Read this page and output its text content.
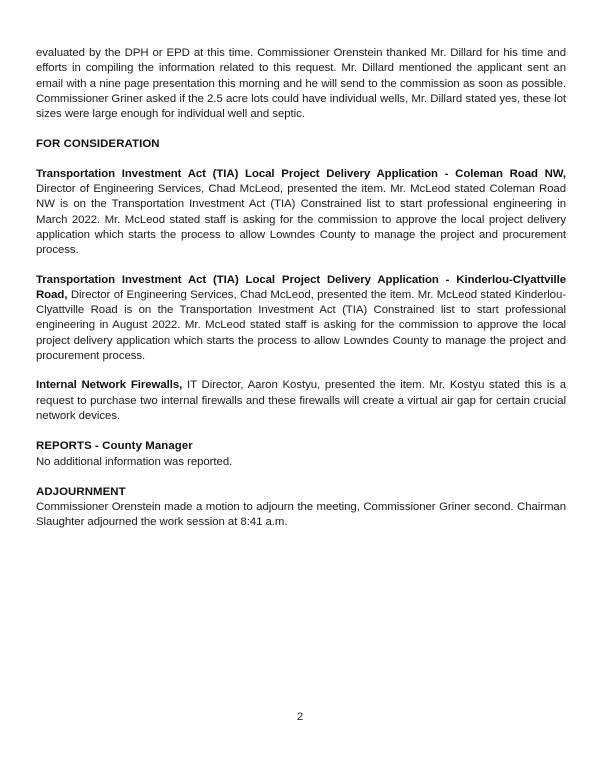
evaluated by the DPH or EPD at this time. Commissioner Orenstein thanked Mr. Dillard for his time and efforts in compiling the information related to this request. Mr. Dillard mentioned the applicant sent an email with a nine page presentation this morning and he will send to the commission as soon as possible. Commissioner Griner asked if the 2.5 acre lots could have individual wells, Mr. Dillard stated yes, these lot sizes were large enough for individual well and septic.

FOR CONSIDERATION

Transportation Investment Act (TIA) Local Project Delivery Application - Coleman Road NW, Director of Engineering Services, Chad McLeod, presented the item. Mr. McLeod stated Coleman Road NW is on the Transportation Investment Act (TIA) Constrained list to start professional engineering in March 2022. Mr. McLeod stated staff is asking for the commission to approve the local project delivery application which starts the process to allow Lowndes County to manage the project and procurement process.

Transportation Investment Act (TIA) Local Project Delivery Application - Kinderlou-Clyattville Road, Director of Engineering Services, Chad McLeod, presented the item. Mr. McLeod stated Kinderlou-Clyattville Road is on the Transportation Investment Act (TIA) Constrained list to start professional engineering in August 2022. Mr. McLeod stated staff is asking for the commission to approve the local project delivery application which starts the process to allow Lowndes County to manage the project and procurement process.

Internal Network Firewalls, IT Director, Aaron Kostyu, presented the item. Mr. Kostyu stated this is a request to purchase two internal firewalls and these firewalls will create a virtual air gap for certain crucial network devices.

REPORTS - County Manager

No additional information was reported.

ADJOURNMENT

Commissioner Orenstein made a motion to adjourn the meeting, Commissioner Griner second. Chairman Slaughter adjourned the work session at 8:41 a.m.

2
